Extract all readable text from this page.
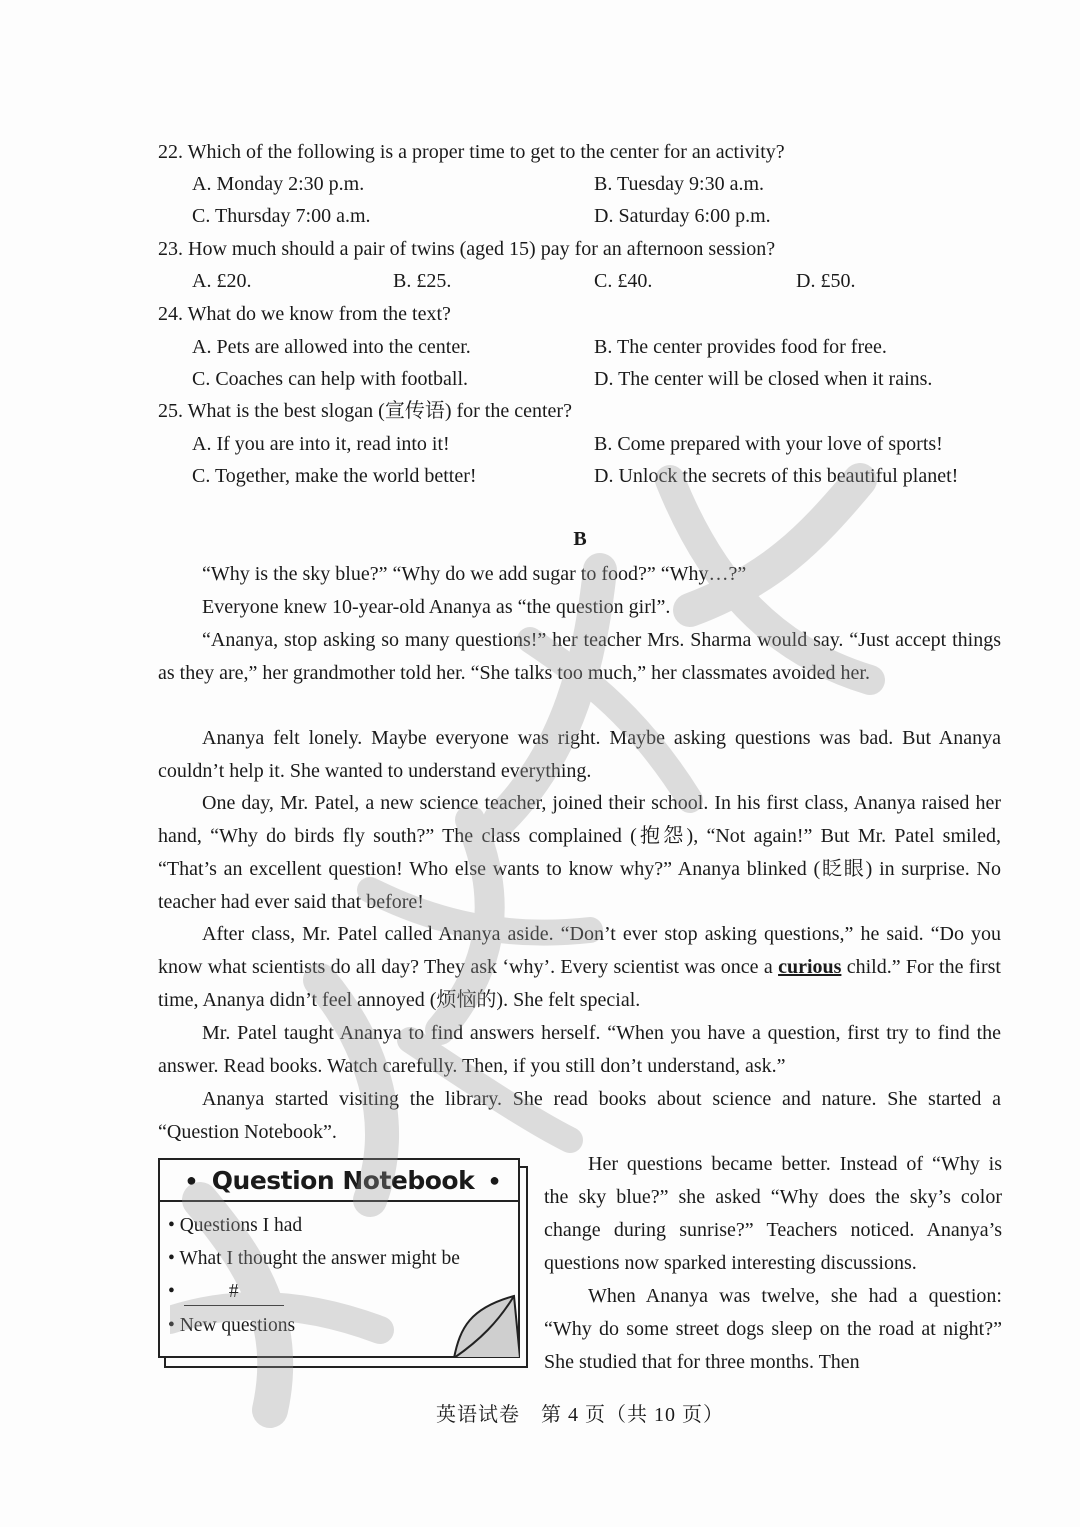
22. Which of the following is a proper time to get to the center for an activity?

A. Monday 2:30 p.m.	B. Tuesday 9:30 a.m.

C. Thursday 7:00 a.m.	D. Saturday 6:00 p.m.

23. How much should a pair of twins (aged 15) pay for an afternoon session?

A. £20.	B. £25.	C. £40.	D. £50.

24. What do we know from the text?

A. Pets are allowed into the center.	B. The center provides food for free.

C. Coaches can help with football.	D. The center will be closed when it rains.

25. What is the best slogan (宣传语) for the center?

A. If you are into it, read into it!	B. Come prepared with your love of sports!

C. Together, make the world better!	D. Unlock the secrets of this beautiful planet!

B

“Why is the sky blue?” “Why do we add sugar to food?” “Why…?”

Everyone knew 10-year-old Ananya as “the question girl”.

“Ananya, stop asking so many questions!” her teacher Mrs. Sharma would say. “Just accept things as they are,” her grandmother told her. “She talks too much,” her classmates avoided her.

Ananya felt lonely. Maybe everyone was right. Maybe asking questions was bad. But Ananya couldn’t help it. She wanted to understand everything.

One day, Mr. Patel, a new science teacher, joined their school. In his first class, Ananya raised her hand, “Why do birds fly south?” The class complained (抱怨), “Not again!” But Mr. Patel smiled, “That’s an excellent question! Who else wants to know why?” Ananya blinked (眨眼) in surprise. No teacher had ever said that before!

After class, Mr. Patel called Ananya aside. “Don’t ever stop asking questions,” he said. “Do you know what scientists do all day? They ask ‘why’. Every scientist was once a curious child.” For the first time, Ananya didn’t feel annoyed (烦恼的). She felt special.

Mr. Patel taught Ananya to find answers herself. “When you have a question, first try to find the answer. Read books. Watch carefully. Then, if you still don’t understand, ask.”

Ananya started visiting the library. She read books about science and nature. She started a “Question Notebook”.

● Question Notebook ●
• Questions I had
• What I thought the answer might be
•	#
• New questions

Her questions became better. Instead of “Why is the sky blue?” she asked “Why does the sky’s color change during sunrise?” Teachers noticed. Ananya’s questions now sparked interesting discussions.

When Ananya was twelve, she had a question: “Why do some street dogs sleep on the road at night?” She studied that for three months. Then

英语试卷　第 4 页（共 10 页）
